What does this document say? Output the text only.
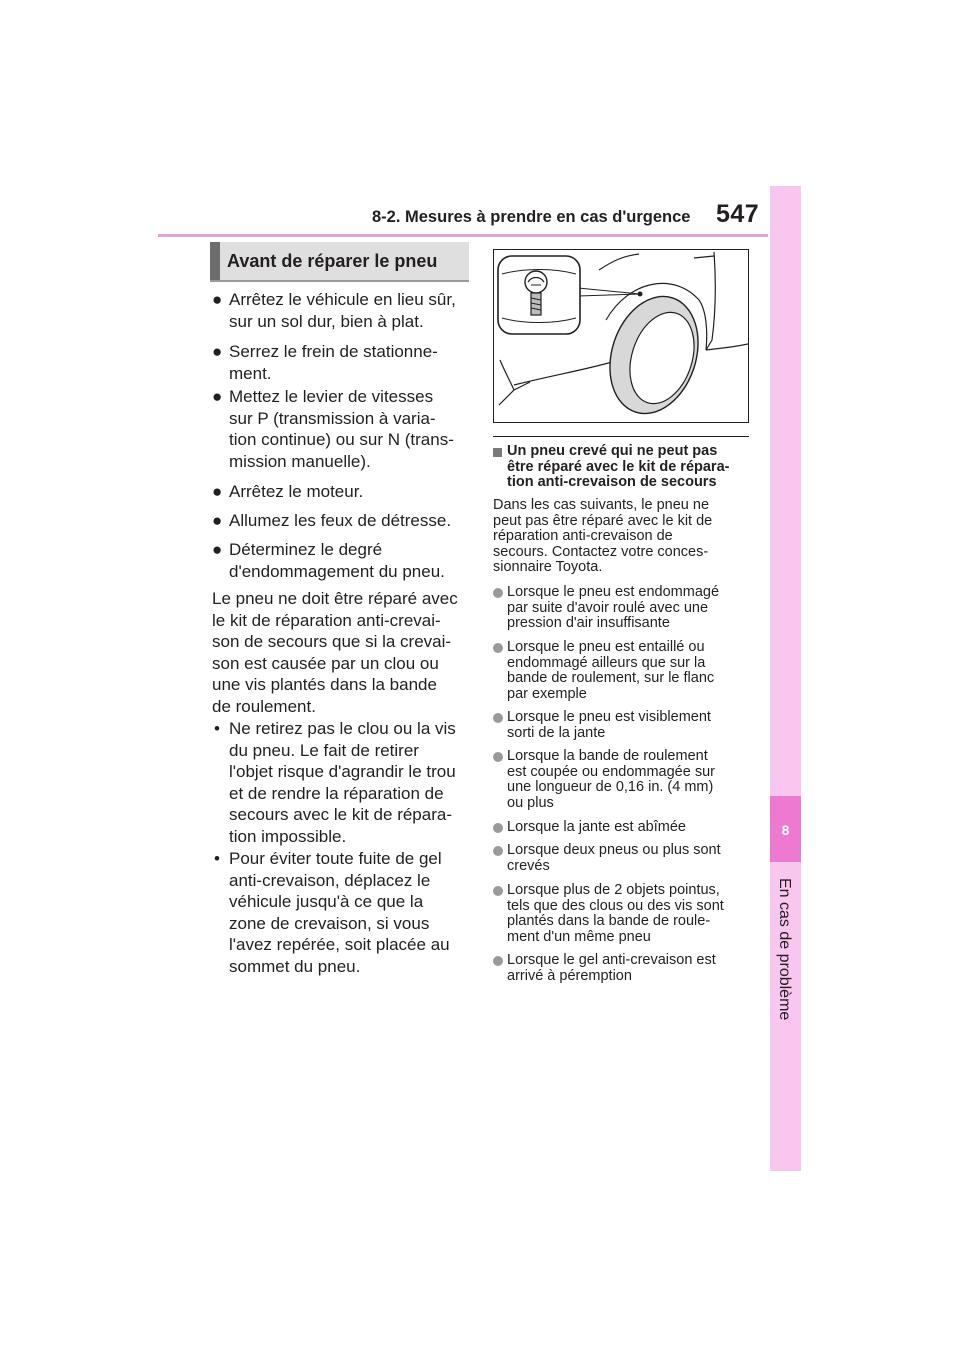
8-2. Mesures à prendre en cas d'urgence 547
8
Avant de réparer le pneu
● Arrêtez le véhicule en lieu sûr,
sur un sol dur, bien à plat.
● Serrez le frein de stationne-
ment.
● Mettez le levier de vitesses
sur P (transmission à varia-
tion continue) ou sur N (trans-
mission manuelle).
● Arrêtez le moteur.
● Allumez les feux de détresse.
● Déterminez le degré
d'endommagement du pneu.
Le pneu ne doit être réparé avec
le kit de réparation anti-crevai-
son de secours que si la crevai-
son est causée par un clou ou
une vis plantés dans la bande
de roulement.
• Ne retirez pas le clou ou la vis
du pneu. Le fait de retirer
l'objet risque d'agrandir le trou
et de rendre la réparation de
secours avec le kit de répara-
tion impossible.
• Pour éviter toute fuite de gel
anti-crevaison, déplacez le
véhicule jusqu'à ce que la
zone de crevaison, si vous
l'avez repérée, soit placée au
sommet du pneu.
Un pneu crevé qui ne peut pas
être réparé avec le kit de répara-
tion anti-crevaison de secours
Dans les cas suivants, le pneu ne
peut pas être réparé avec le kit de
réparation anti-crevaison de
secours. Contactez votre conces-
sionnaire Toyota.
Lorsque le pneu est endommagé
par suite d'avoir roulé avec une
pression d'air insuffisante
Lorsque le pneu est entaillé ou
endommagé ailleurs que sur la
bande de roulement, sur le flanc
par exemple
Lorsque le pneu est visiblement
sorti de la jante
Lorsque la bande de roulement
est coupée ou endommagée sur
une longueur de 0,16 in. (4 mm)
ou plus
Lorsque la jante est abîmée
Lorsque deux pneus ou plus sont
crevés
Lorsque plus de 2 objets pointus,
tels que des clous ou des vis sont
plantés dans la bande de roule-
ment d'un même pneu
Lorsque le gel anti-crevaison est
arrivé à péremption
